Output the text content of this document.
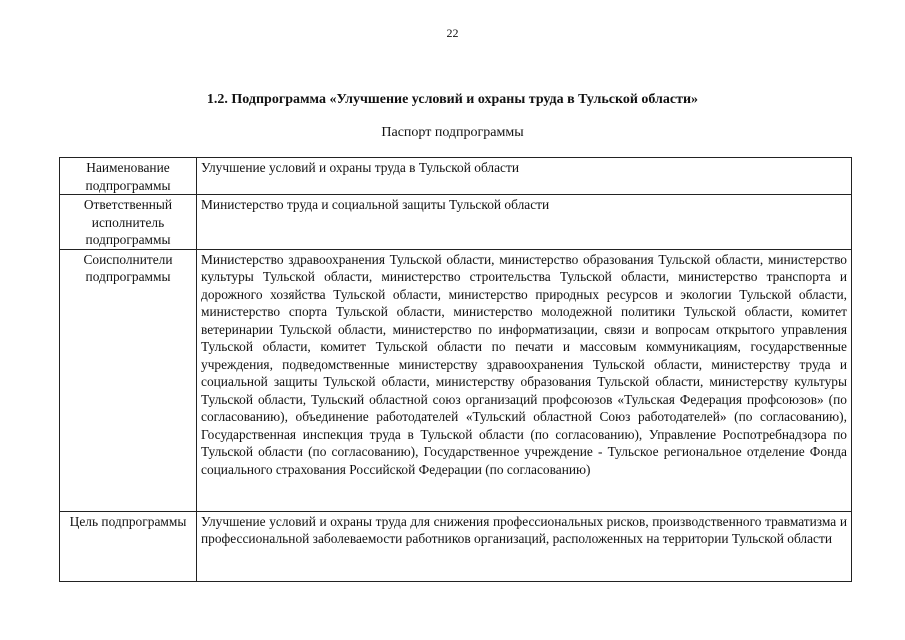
22
1.2. Подпрограмма «Улучшение условий и охраны труда в Тульской области»
Паспорт подпрограммы
Наименование подпрограммы	Улучшение условий и охраны труда в Тульской области
Ответственный исполнитель подпрограммы	Министерство труда и социальной защиты Тульской области
Соисполнители подпрограммы	Министерство здравоохранения Тульской области, министерство образования Тульской области, министерство культуры Тульской области, министерство строительства Тульской области, министерство транспорта и дорожного хозяйства Тульской области, министерство природных ресурсов и экологии Тульской области, министерство спорта Тульской области, министерство молодежной политики Тульской области, комитет ветеринарии Тульской области, министерство по информатизации, связи и вопросам открытого управления Тульской области, комитет Тульской области по печати и массовым коммуникациям, государственные учреждения, подведомственные министерству здравоохранения Тульской области, министерству труда и социальной защиты Тульской области, министерству образования Тульской области, министерству культуры Тульской области, Тульский областной союз организаций профсоюзов «Тульская Федерация профсоюзов» (по согласованию), объединение работодателей «Тульский областной Союз работодателей» (по согласованию), Государственная инспекция труда в Тульской области (по согласованию), Управление Роспотребнадзора по Тульской области (по согласованию), Государственное учреждение - Тульское региональное отделение Фонда социального страхования Российской Федерации (по согласованию)
Цель подпрограммы	Улучшение условий и охраны труда для снижения профессиональных рисков, производственного травматизма и профессиональной заболеваемости работников организаций, расположенных на территории Тульской области
